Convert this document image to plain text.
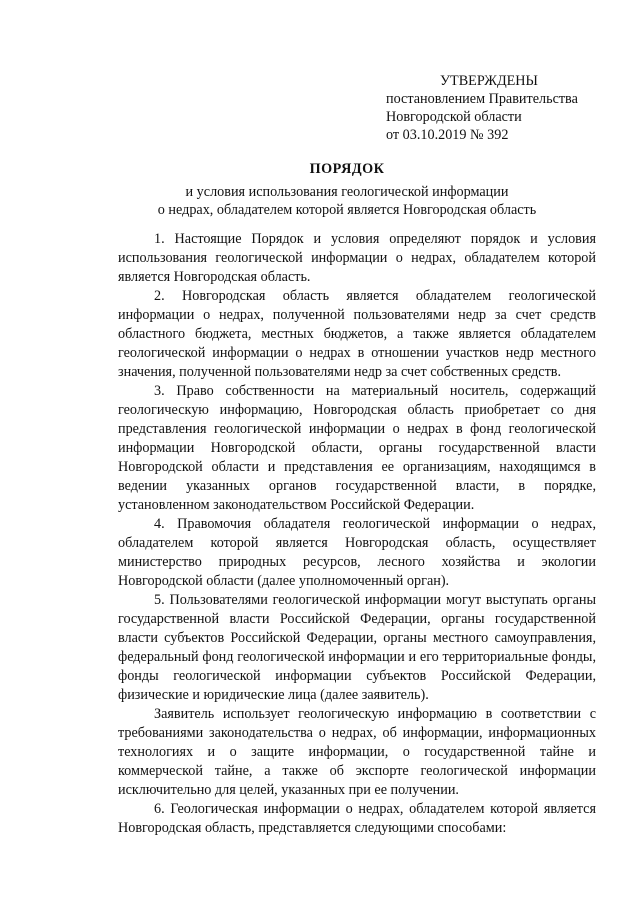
УТВЕРЖДЕНЫ
постановлением Правительства
Новгородской области
от 03.10.2019 № 392
ПОРЯДОК
и условия использования геологической информации
о недрах, обладателем которой является Новгородская область

1. Настоящие Порядок и условия определяют порядок и условия использования геологической информации о недрах, обладателем которой является Новгородская область.

2. Новгородская область является обладателем геологической информации о недрах, полученной пользователями недр за счет средств областного бюджета, местных бюджетов, а также является обладателем геологической информации о недрах в отношении участков недр местного значения, полученной пользователями недр за счет собственных средств.

3. Право собственности на материальный носитель, содержащий геологическую информацию, Новгородская область приобретает со дня представления геологической информации о недрах в фонд геологической информации Новгородской области, органы государственной власти Новгородской области и представления ее организациям, находящимся в ведении указанных органов государственной власти, в порядке, установленном законодательством Российской Федерации.

4. Правомочия обладателя геологической информации о недрах, обладателем которой является Новгородская область, осуществляет министерство природных ресурсов, лесного хозяйства и экологии Новгородской области (далее уполномоченный орган).

5. Пользователями геологической информации могут выступать органы государственной власти Российской Федерации, органы государственной власти субъектов Российской Федерации, органы местного самоуправления, федеральный фонд геологической информации и его территориальные фонды, фонды геологической информации субъектов Российской Федерации, физические и юридические лица (далее заявитель).

Заявитель использует геологическую информацию в соответствии с требованиями законодательства о недрах, об информации, информационных технологиях и о защите информации, о государственной тайне и коммерческой тайне, а также об экспорте геологической информации исключительно для целей, указанных при ее получении.

6. Геологическая информации о недрах, обладателем которой является Новгородская область, представляется следующими способами:
